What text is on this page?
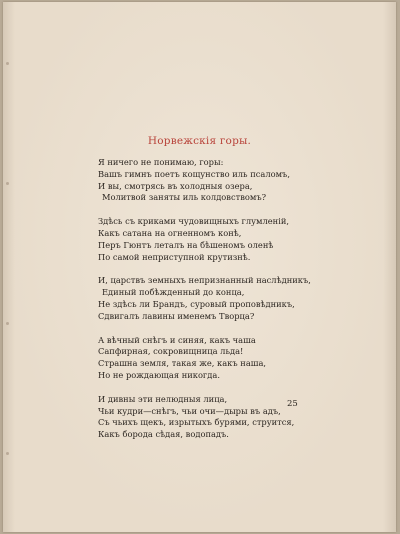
Норвежскiя горы.
Я ничего не понимаю, горы:
Вашъ гимнъ поетъ кощунство иль псаломъ,
И вы, смотрясь въ холодныя озера,
Молитвой заняты иль колдовствомъ?
Здѣсь съ криками чудовищныхъ глумленiй,
Какъ сатана на огненномъ конѣ,
Перъ Гюнтъ леталъ на бѣшеномъ оленѣ
По самой неприступной крутизнѣ.
И, царствъ земныхъ непризнанный наслѣдникъ,
Единый побѣжденный до конца,
Не здѣсь ли Брандъ, суровый проповѣдникъ,
Сдвигалъ лавины именемъ Творца?
А вѣчный снѣгъ и синяя, какъ чаша
Сапфирная, сокровищница льда!
Страшна земля, такая же, какъ наша,
Но не рождающая никогда.
И дивны эти нелюдныя лица,
Чьи кудри—снѣгъ, чьи очи—дыры въ адъ,
Съ чьихъ щекъ, изрытыхъ бурями, струится,
Какъ борода сѣдая, водопадъ.
25
